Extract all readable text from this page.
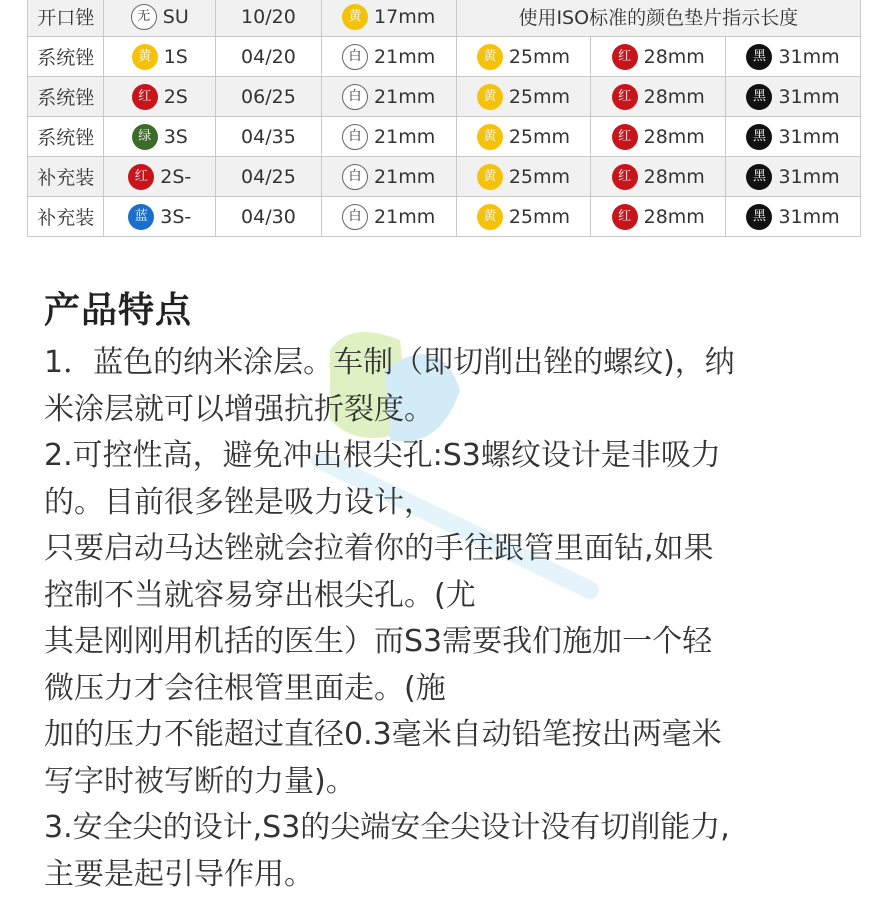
开口锉	无 SU	10/20	黄 17mm	使用ISO标准的颜色垫片指示长度		
系统锉	黄 1S	04/20	白 21mm	黄 25mm	红 28mm	黑 31mm
系统锉	红 2S	06/25	白 21mm	黄 25mm	红 28mm	黑 31mm
系统锉	绿 3S	04/35	白 21mm	黄 25mm	红 28mm	黑 31mm
补充装	红 2S-	04/25	白 21mm	黄 25mm	红 28mm	黑 31mm
补充装	蓝 3S-	04/30	白 21mm	黄 25mm	红 28mm	黑 31mm
产品特点

1．蓝色的纳米涂层。车制（即切削出锉的螺纹)，纳

米涂层就可以增强抗折裂度。

2.可控性高，避免冲出根尖孔:S3螺纹设计是非吸力

的。目前很多锉是吸力设计，

只要启动马达锉就会拉着你的手往跟管里面钻,如果

控制不当就容易穿出根尖孔。(尤

其是刚刚用机括的医生）而S3需要我们施加一个轻

微压力才会往根管里面走。(施

加的压力不能超过直径0.3毫米自动铅笔按出两毫米

写字时被写断的力量)。

3.安全尖的设计,S3的尖端安全尖设计没有切削能力,

主要是起引导作用。
